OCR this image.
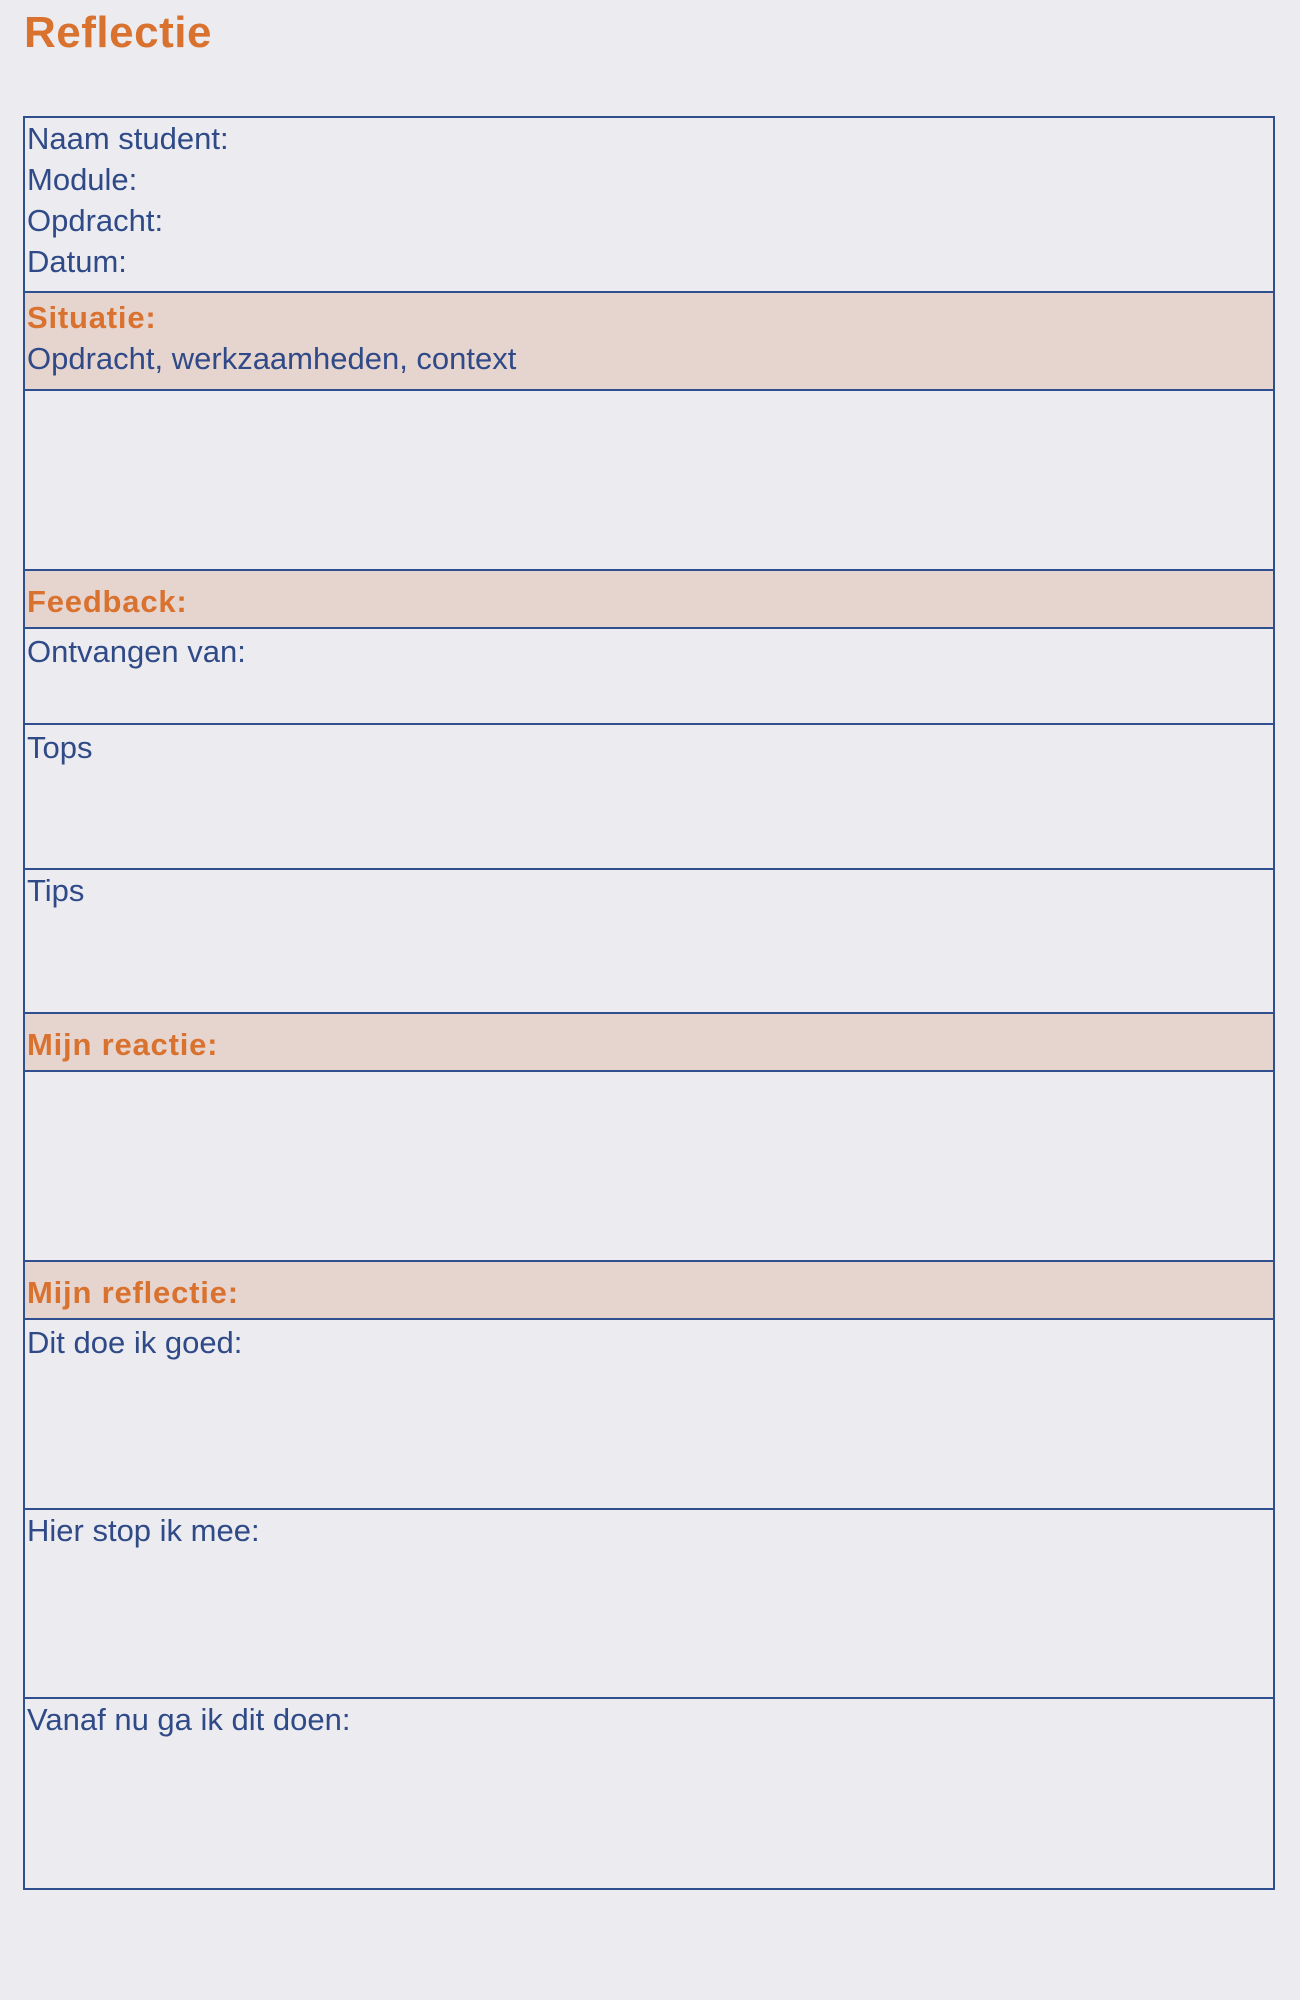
Reflectie
Naam student:
Module:
Opdracht:
Datum:
Situatie:
Opdracht, werkzaamheden, context
Feedback:
Ontvangen van:
Tops
Tips
Mijn reactie:
Mijn reflectie:
Dit doe ik goed:
Hier stop ik mee:
Vanaf nu ga ik dit doen:
